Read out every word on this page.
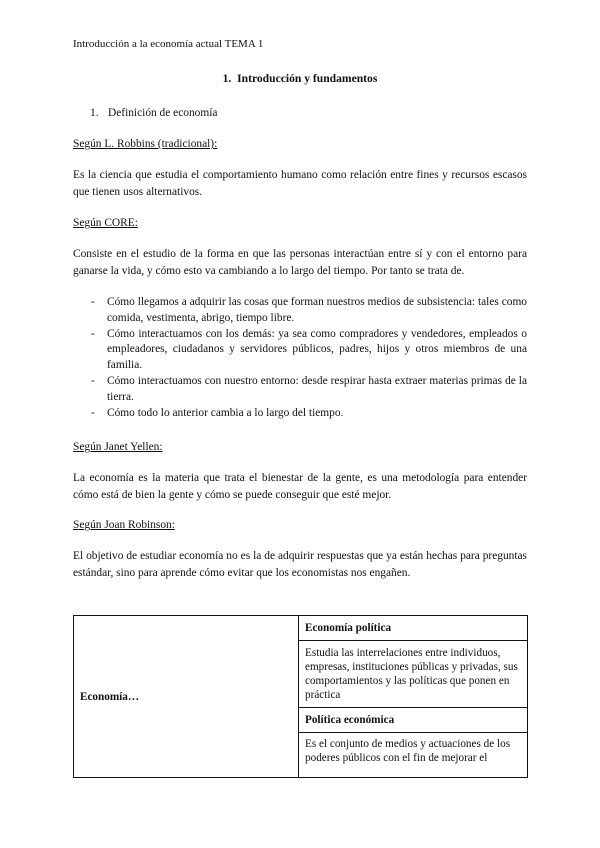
Introducción a la economía actual TEMA 1
1. Introducción y fundamentos
1. Definición de economía
Según L. Robbins (tradicional):
Es la ciencia que estudia el comportamiento humano como relación entre fines y recursos escasos que tienen usos alternativos.
Según CORE:
Consiste en el estudio de la forma en que las personas interactúan entre sí y con el entorno para ganarse la vida, y cómo esto va cambiando a lo largo del tiempo. Por tanto se trata de.
- Cómo llegamos a adquirir las cosas que forman nuestros medios de subsistencia: tales como comida, vestimenta, abrigo, tiempo libre.
- Cómo interactuamos con los demás: ya sea como compradores y vendedores, empleados o empleadores, ciudadanos y servidores públicos, padres, hijos y otros miembros de una familia.
- Cómo interactuamos con nuestro entorno: desde respirar hasta extraer materias primas de la tierra.
- Cómo todo lo anterior cambia a lo largo del tiempo.
Según Janet Yellen:
La economía es la materia que trata el bienestar de la gente, es una metodología para entender cómo está de bien la gente y cómo se puede conseguir que esté mejor.
Según Joan Robinson:
El objetivo de estudiar economía no es la de adquirir respuestas que ya están hechas para preguntas estándar, sino para aprende cómo evitar que los economistas nos engañen.
Economía…	Economía política
Estudia las interrelaciones entre individuos, empresas, instituciones públicas y privadas, sus comportamientos y las políticas que ponen en práctica
Política económica

Es el conjunto de medios y actuaciones de los poderes públicos con el fin de mejorar el
